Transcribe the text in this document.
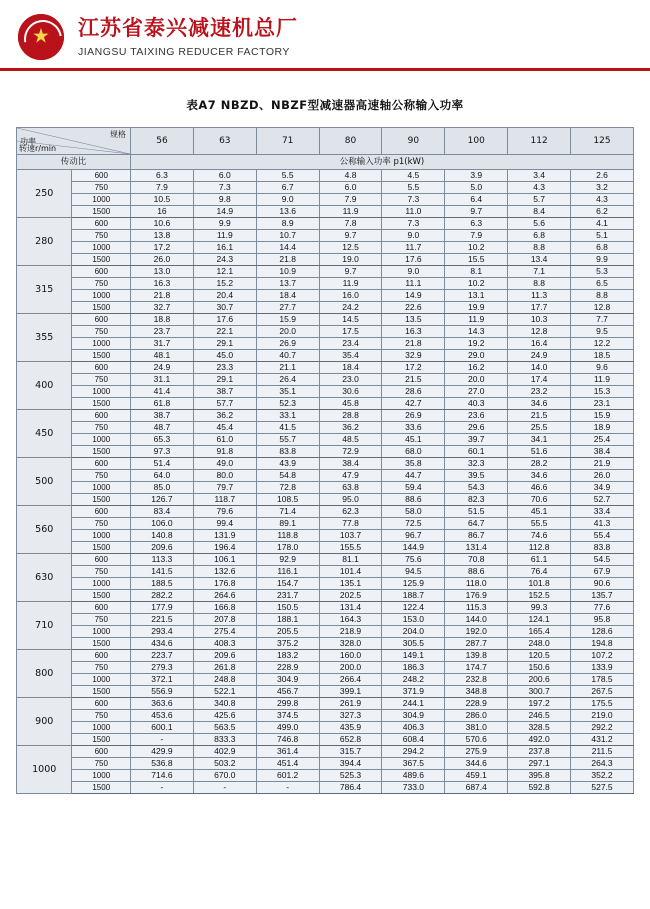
★ 江苏省泰兴减速机总厂
JIANGSU TAIXING REDUCER FACTORY
表A7 NBZD、NBZF型减速器高速轴公称输入功率
规格
功率
转速r/min		56	63	71	80	90	100	112	125
传动比		公称输入功率 p1(kW)							
250	600	6.3	6.0	5.5	4.8	4.5	3.9	3.4	2.6
	750	7.9	7.3	6.7	6.0	5.5	5.0	4.3	3.2
	1000	10.5	9.8	9.0	7.9	7.3	6.4	5.7	4.3
	1500	16	14.9	13.6	11.9	11.0	9.7	8.4	6.2
280	600	10.6	9.9	8.9	7.8	7.3	6.3	5.6	4.1
	750	13.8	11.9	10.7	9.7	9.0	7.9	6.8	5.1
	1000	17.2	16.1	14.4	12.5	11.7	10.2	8.8	6.8
	1500	26.0	24.3	21.8	19.0	17.6	15.5	13.4	9.9
315	600	13.0	12.1	10.9	9.7	9.0	8.1	7.1	5.3
	750	16.3	15.2	13.7	11.9	11.1	10.2	8.8	6.5
	1000	21.8	20.4	18.4	16.0	14.9	13.1	11.3	8.8
	1500	32.7	30.7	27.7	24.2	22.6	19.9	17.7	12.8
355	600	18.8	17.6	15.9	14.5	13.5	11.9	10.3	7.7
	750	23.7	22.1	20.0	17.5	16.3	14.3	12.8	9.5
	1000	31.7	29.1	26.9	23.4	21.8	19.2	16.4	12.2
	1500	48.1	45.0	40.7	35.4	32.9	29.0	24.9	18.5
400	600	24.9	23.3	21.1	18.4	17.2	16.2	14.0	9.6
	750	31.1	29.1	26.4	23.0	21.5	20.0	17.4	11.9
	1000	41.4	38.7	35.1	30.6	28.6	27.0	23.2	15.3
	1500	61.8	57.7	52.3	45.8	42.7	40.3	34.6	23.1
450	600	38.7	36.2	33.1	28.8	26.9	23.6	21.5	15.9
	750	48.7	45.4	41.5	36.2	33.6	29.6	25.5	18.9
	1000	65.3	61.0	55.7	48.5	45.1	39.7	34.1	25.4
	1500	97.3	91.8	83.8	72.9	68.0	60.1	51.6	38.4
500	600	51.4	49.0	43.9	38.4	35.8	32.3	28.2	21.9
	750	64.0	80.0	54.8	47.9	44.7	39.5	34.6	26.0
	1000	85.0	79.7	72.8	63.8	59.4	54.3	46.6	34.9
	1500	126.7	118.7	108.5	95.0	88.6	82.3	70.6	52.7
560	600	83.4	79.6	71.4	62.3	58.0	51.5	45.1	33.4
	750	106.0	99.4	89.1	77.8	72.5	64.7	55.5	41.3
	1000	140.8	131.9	118.8	103.7	96.7	86.7	74.6	55.4
	1500	209.6	196.4	178.0	155.5	144.9	131.4	112.8	83.8
630	600	113.3	106.1	92.9	81.1	75.6	70.8	61.1	54.5
	750	141.5	132.6	116.1	101.4	94.5	88.6	76.4	67.9
	1000	188.5	176.8	154.7	135.1	125.9	118.0	101.8	90.6
	1500	282.2	264.6	231.7	202.5	188.7	176.9	152.5	135.7
710	600	177.9	166.8	150.5	131.4	122.4	115.3	99.3	77.6
	750	221.5	207.8	188.1	164.3	153.0	144.0	124.1	95.8
	1000	293.4	275.4	205.5	218.9	204.0	192.0	165.4	128.6
	1500	434.6	408.3	375.2	328.0	305.5	287.7	248.0	194.8
800	600	223.7	209.6	183.2	160.0	149.1	139.8	120.5	107.2
	750	279.3	261.8	228.9	200.0	186.3	174.7	150.6	133.9
	1000	372.1	248.8	304.9	266.4	248.2	232.8	200.6	178.5
	1500	556.9	522.1	456.7	399.1	371.9	348.8	300.7	267.5
900	600	363.6	340.8	299.8	261.9	244.1	228.9	197.2	175.5
	750	453.6	425.6	374.5	327.3	304.9	286.0	246.5	219.0
	1000	600.1	563.5	499.0	435.9	406.3	381.0	328.5	292.2
	1500	-	833.3	746.8	652.8	608.4	570.6	492.0	431.2
1000	600	429.9	402.9	361.4	315.7	294.2	275.9	237.8	211.5
	750	536.8	503.2	451.4	394.4	367.5	344.6	297.1	264.3
	1000	714.6	670.0	601.2	525.3	489.6	459.1	395.8	352.2
	1500	-	-	-	786.4	733.0	687.4	592.8	527.5
